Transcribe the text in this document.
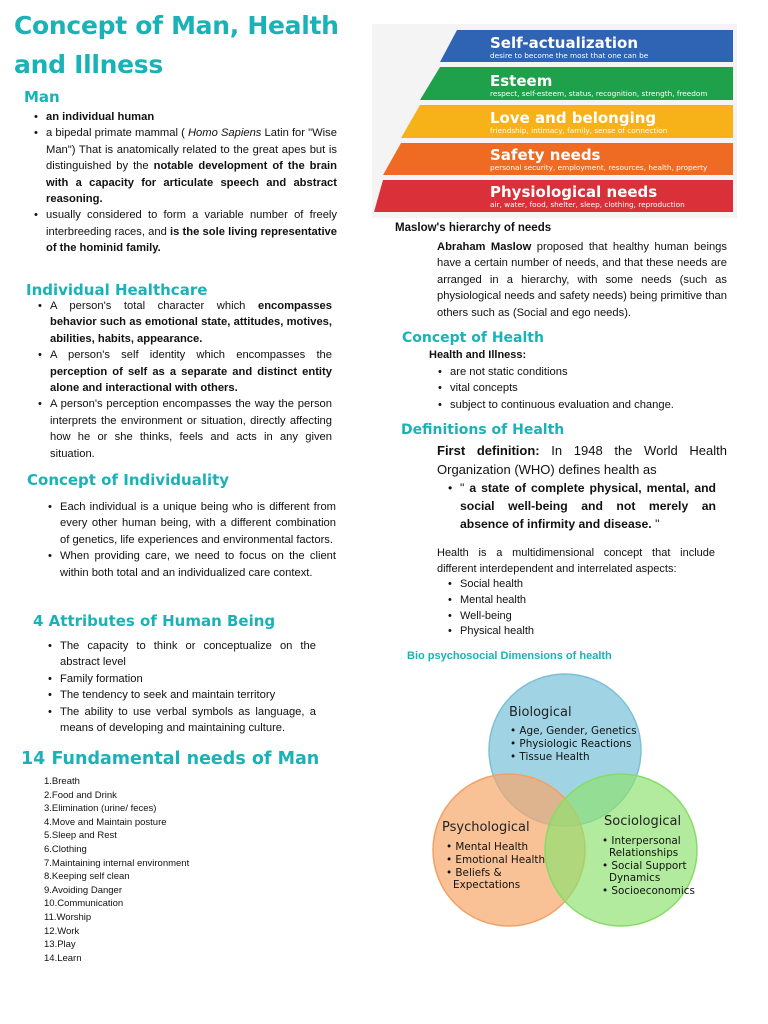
Concept of Man, Health and Illness
Man
• an individual human
• a bipedal primate mammal ( Homo Sapiens Latin for "Wise Man") That is anatomically related to the great apes but is distinguished by the notable development of the brain with a capacity for articulate speech and abstract reasoning.
• usually considered to form a variable number of freely interbreeding races, and is the sole living representative of the hominid family.
Individual Healthcare
• A person's total character which encompasses behavior such as emotional state, attitudes, motives, abilities, habits, appearance.
• A person's self identity which encompasses the perception of self as a separate and distinct entity alone and interactional with others.
• A person's perception encompasses the way the person interprets the environment or situation, directly affecting how he or she thinks, feels and acts in any given situation.
Concept of Individuality
• Each individual is a unique being who is different from every other human being, with a different combination of genetics, life experiences and environmental factors.
• When providing care, we need to focus on the client within both total and an individualized care context.
4 Attributes of Human Being
• The capacity to think or conceptualize on the abstract level
• Family formation
• The tendency to seek and maintain territory
• The ability to use verbal symbols as language, a means of developing and maintaining culture.
14 Fundamental needs of Man
1.Breath
2.Food and Drink
3.Elimination (urine/ feces)
4.Move and Maintain posture
5.Sleep and Rest
6.Clothing
7.Maintaining internal environment
8.Keeping self clean
9.Avoiding Danger
10.Communication
11.Worship
12.Work
13.Play
14.Learn
Self-actualization
desire to become the most that one can be
Esteem
respect, self-esteem, status, recognition, strength, freedom
Love and belonging
friendship, intimacy, family, sense of connection
Safety needs
personal security, employment, resources, health, property
Physiological needs
air, water, food, shelter, sleep, clothing, reproduction
Maslow's hierarchy of needs
Abraham Maslow proposed that healthy human beings have a certain number of needs, and that these needs are arranged in a hierarchy, with some needs (such as physiological needs and safety needs) being primitive than others such as (Social and ego needs).
Concept of Health
Health and Illness:
• are not static conditions
• vital concepts
• subject to continuous evaluation and change.
Definitions of Health
First definition: In 1948 the World Health Organization (WHO) defines health as
• " a state of complete physical, mental, and social well-being and not merely an absence of infirmity and disease. "
Health is a multidimensional concept that include different interdependent and interrelated aspects:
• Social health
• Mental health
• Well-being
• Physical health
Bio psychosocial Dimensions of health
Biological
• Age, Gender, Genetics
• Physiologic Reactions
• Tissue Health
Psychological
• Mental Health
• Emotional Health
• Beliefs &
Expectations
Sociological
• Interpersonal
Relationships
• Social Support
Dynamics
• Socioeconomics
